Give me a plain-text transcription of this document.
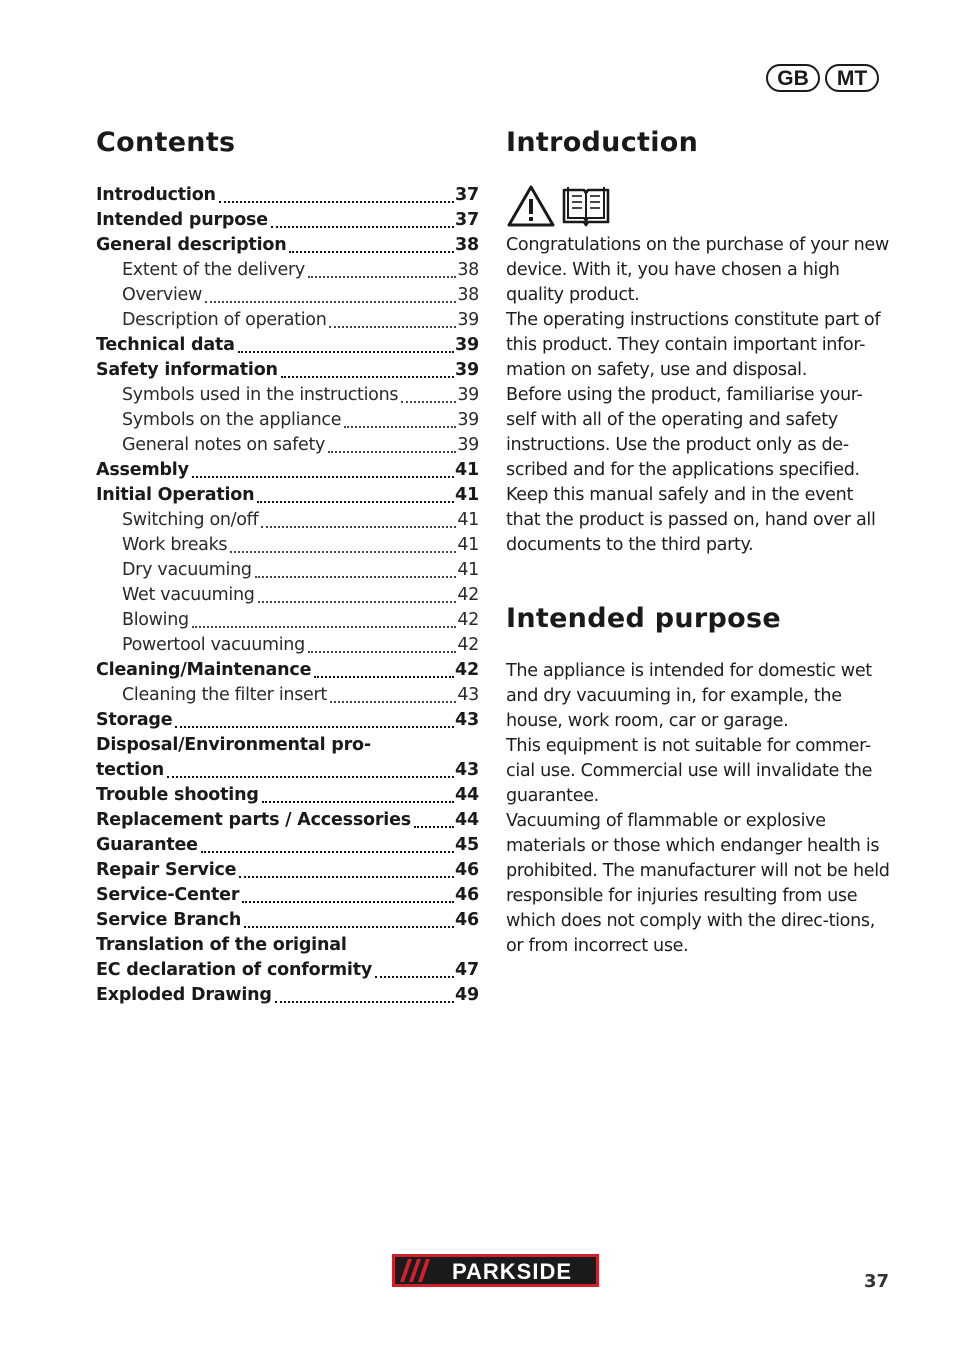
GB	MT
Contents
Introduction	37
Intended purpose	37
General description	38
Extent of the delivery	38
Overview	38
Description of operation	39
Technical data	39
Safety information	39
Symbols used in the instructions	39
Symbols on the appliance	39
General notes on safety	39
Assembly	41
Initial Operation	41
Switching on/off	41
Work breaks	41
Dry vacuuming	41
Wet vacuuming	42
Blowing	42
Powertool vacuuming	42
Cleaning/Maintenance	42
Cleaning the filter insert	43
Storage	43
Disposal/Environmental pro-
tection	43
Trouble shooting	44
Replacement parts / Accessories	44
Guarantee	45
Repair Service	46
Service-Center	46
Service Branch	46
Translation of the original
EC declaration of conformity	47
Exploded Drawing	49
Introduction

Congratulations on the purchase of your new device. With it, you have chosen a high quality product.

The operating instructions constitute part of this product. They contain important infor-mation on safety, use and disposal.

Before using the product, familiarise your-self with all of the operating and safety instructions. Use the product only as de-scribed and for the applications specified.

Keep this manual safely and in the event that the product is passed on, hand over all documents to the third party.

Intended purpose

The appliance is intended for domestic wet and dry vacuuming in, for example, the house, work room, car or garage.

This equipment is not suitable for commer-cial use. Commercial use will invalidate the guarantee.

Vacuuming of flammable or explosive materials or those which endanger health is prohibited. The manufacturer will not be held responsible for injuries resulting from use which does not comply with the direc-tions, or from incorrect use.

PARKSIDE	37
